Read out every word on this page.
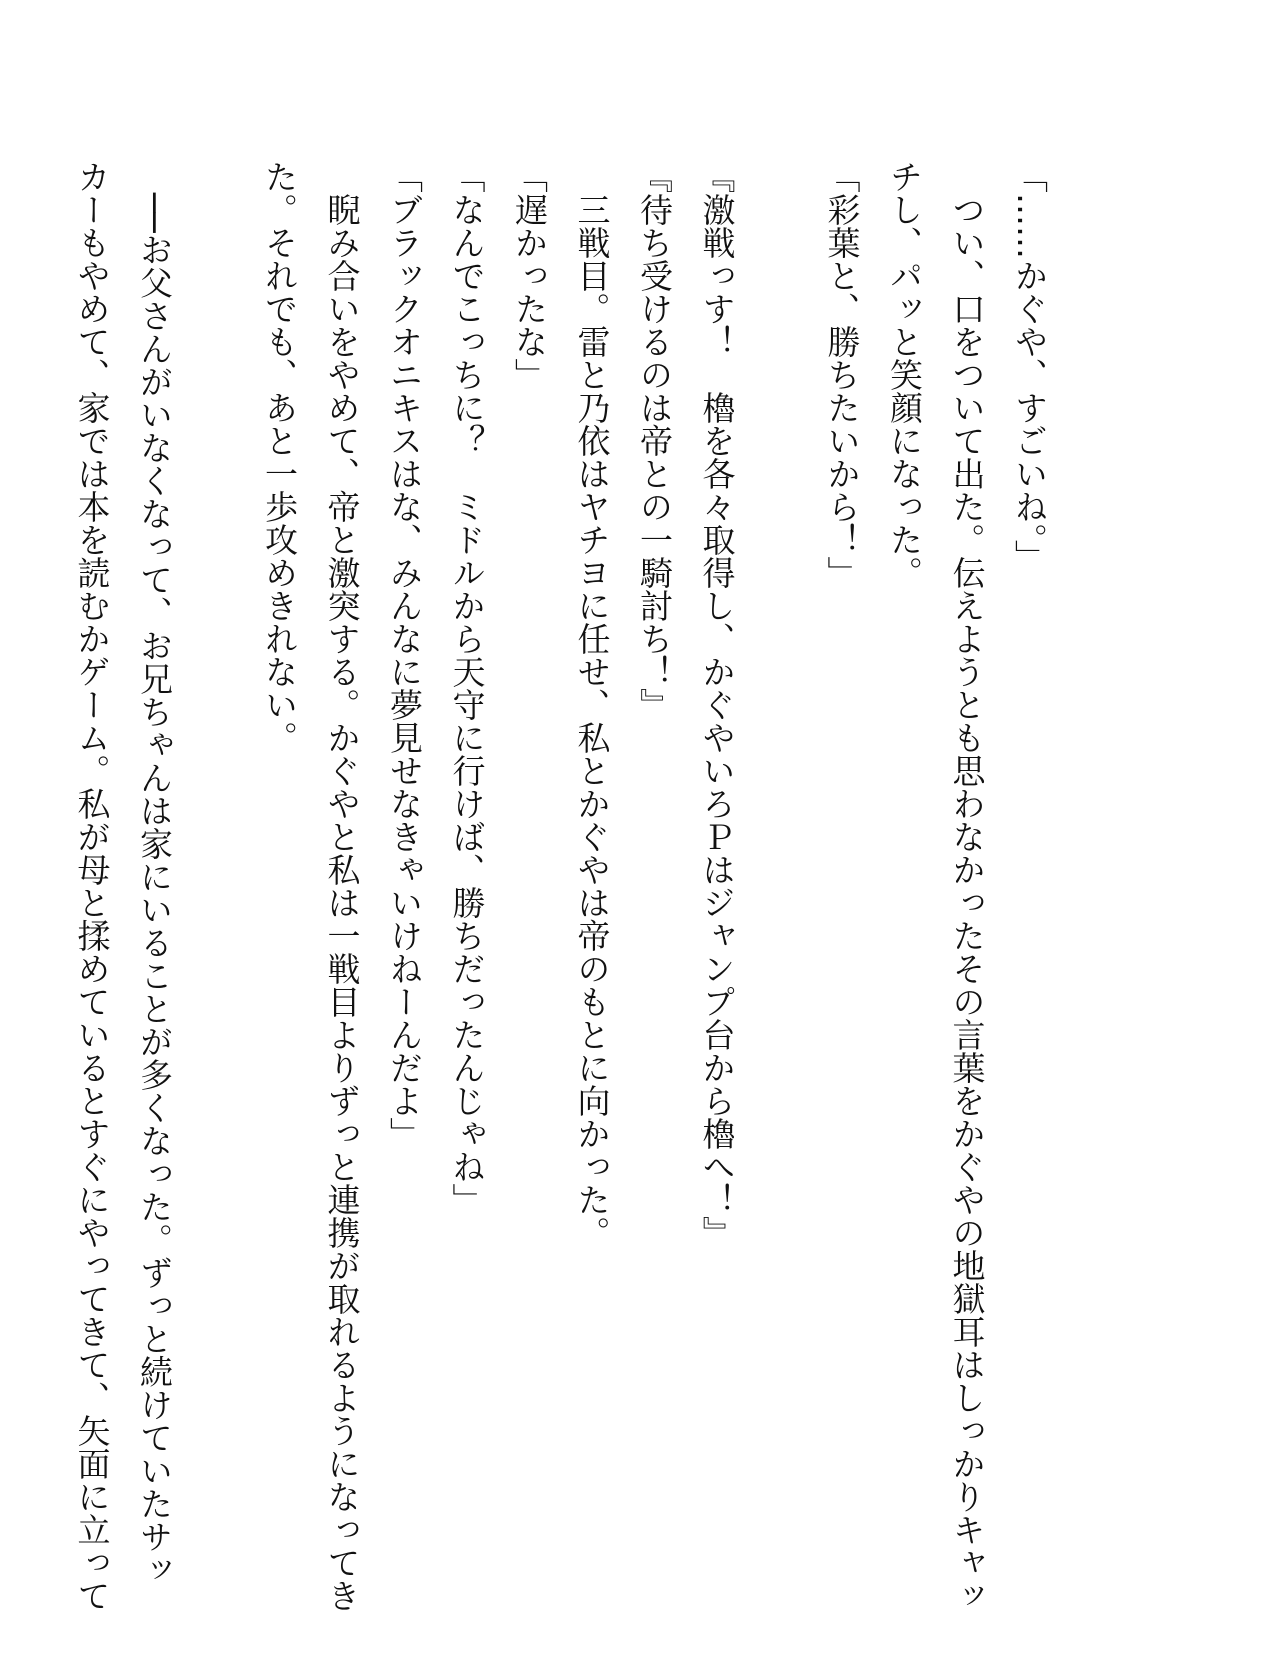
「……かぐや、すごいね。」
　つい、口をついて出た。伝えようとも思わなかったその言葉をかぐやの地獄耳はしっかりキャッ
チし、パッと笑顔になった。
「彩葉と、勝ちたいから！」
『激戦っす！　櫓を各々取得し、かぐやいろＰはジャンプ台から櫓へ！』
『待ち受けるのは帝との一騎討ち！』
　三戦目。雷と乃依はヤチヨに任せ、私とかぐやは帝のもとに向かった。
「遅かったな」
「なんでこっちに？　ミドルから天守に行けば、勝ちだったんじゃね」
「ブラックオニキスはな、みんなに夢見せなきゃいけねーんだよ」
　睨み合いをやめて、帝と激突する。かぐやと私は一戦目よりずっと連携が取れるようになってき
た。それでも、あと一歩攻めきれない。
　──お父さんがいなくなって、お兄ちゃんは家にいることが多くなった。ずっと続けていたサッ
カーもやめて、家では本を読むかゲーム。私が母と揉めているとすぐにやってきて、矢面に立って
